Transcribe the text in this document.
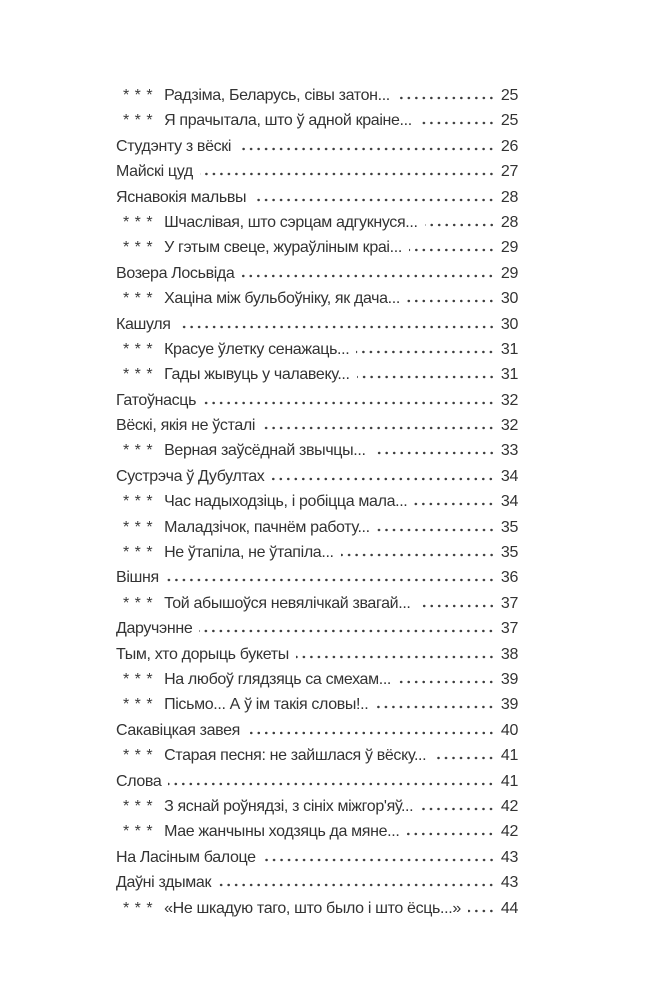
* * * Радзіма, Беларусь, сівы затон...	25
* * * Я прачытала, што ў адной краіне...	25
Студэнту з вёскі	26
Майскі цуд	27
Яснавокія мальвы	28
* * * Шчаслівая, што сэрцам адгукнуся...	28
* * * У гэтым свеце, жураўліным краі...	29
Возера Лосьвіда	29
* * * Хаціна між бульбоўніку, як дача...	30
Кашуля	30
* * * Красуе ўлетку сенажаць...	31
* * * Гады жывуць у чалавеку...	31
Гатоўнасць	32
Вёскі, якія не ўсталі	32
* * * Верная заўсёднай звычцы...	33
Сустрэча ў Дубултах	34
* * * Час надыходзіць, і робіцца мала...	34
* * * Маладзічок, пачнём работу...	35
* * * Не ўтапіла, не ўтапіла...	35
Вішня	36
* * * Той абышоўся невялічкай звагай...	37
Даручэнне	37
Тым, хто дорыць букеты	38
* * * На любоў глядзяць са смехам...	39
* * * Пісьмо... А ў ім такія словы!..	39
Сакавіцкая завея	40
* * * Старая песня: не зайшлася ў вёску...	41
Слова	41
* * * З яснай роўнядзі, з сініх міжгор'яў...	42
* * * Мае жанчыны ходзяць да мяне...	42
На Ласіным балоце	43
Даўні здымак	43
* * * «Не шкадую таго, што было і што ёсць...»	44
